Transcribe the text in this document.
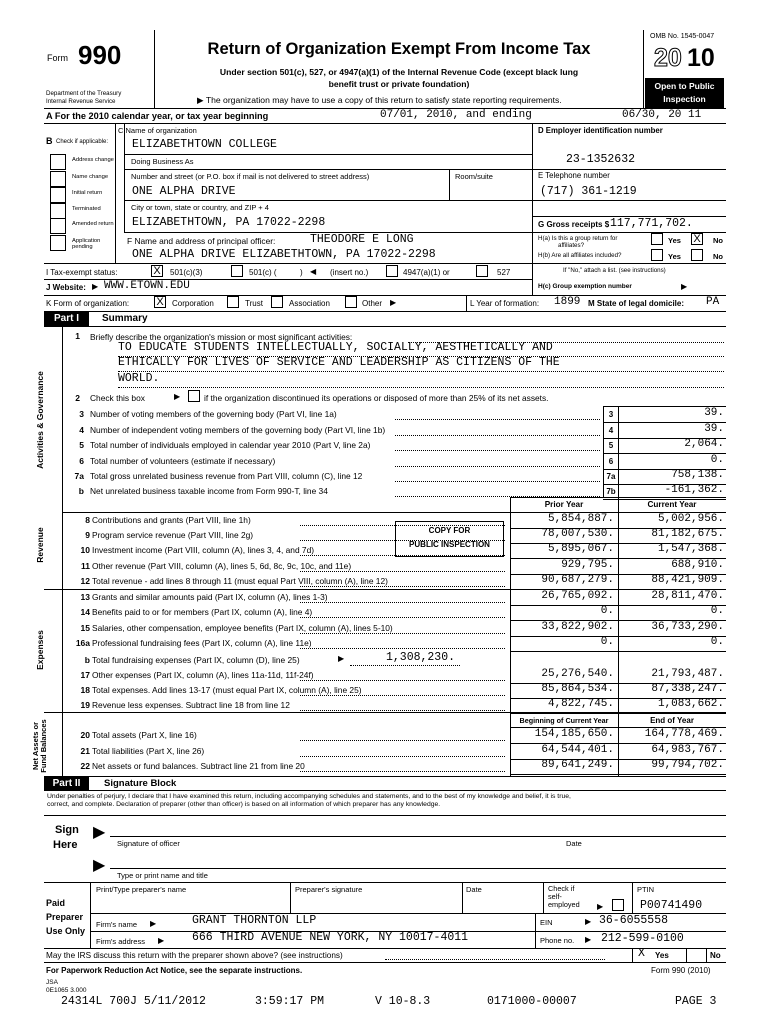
OMB No. 1545-0047
Form 990
Department of the Treasury
Internal Revenue Service
Return of Organization Exempt From Income Tax
Under section 501(c), 527, or 4947(a)(1) of the Internal Revenue Code (except black lung
benefit trust or private foundation)
▶ The organization may have to use a copy of this return to satisfy state reporting requirements.
20 10
Open to Public
Inspection
A For the 2010 calendar year, or tax year beginning	07/01, 2010, and ending	06/30, 20 11
B Check if applicable:
Address change
Name change
Initial return
Terminated
Amended return
Application pending
C Name of organization
ELIZABETHTOWN COLLEGE
Doing Business As
Number and street (or P.O. box if mail is not delivered to street address)	Room/suite
ONE ALPHA DRIVE
City or town, state or country, and ZIP + 4
ELIZABETHTOWN, PA 17022-2298
F Name and address of principal officer:	THEODORE E LONG
ONE ALPHA DRIVE ELIZABETHTOWN, PA 17022-2298
D Employer identification number
23-1352632
E Telephone number
(717) 361-1219
G Gross receipts $ 117,771,702.
H(a) Is this a group return for
affiliates?
Yes X	No
H(b) Are all affiliates included?	Yes	No
If "No," attach a list. (see instructions)
H(c) Group exemption number	▶
I Tax-exempt status:	X 501(c)(3)	501(c) (	) ◀ (insert no.)	4947(a)(1) or	527
J Website: ▶ WWW.ETOWN.EDU
K Form of organization: X Corporation	Trust	Association	Other ▶	L Year of formation: 1899 M State of legal domicile: PA
Part I	Summary
Activities & Governance
Revenue
Expenses
Net Assets or Fund Balances
1 Briefly describe the organization's mission or most significant activities:
TO EDUCATE STUDENTS INTELLECTUALLY, SOCIALLY, AESTHETICALLY AND
ETHICALLY FOR LIVES OF SERVICE AND LEADERSHIP AS CITIZENS OF THE
WORLD.
2 Check this box	▶	if the organization discontinued its operations or disposed of more than 25% of its net assets.
3 Number of voting members of the governing body (Part VI, line 1a)	3	39.
4 Number of independent voting members of the governing body (Part VI, line 1b)	4	39.
5 Total number of individuals employed in calendar year 2010 (Part V, line 2a)	5	2,064.
6 Total number of volunteers (estimate if necessary)	6	0.
7a Total gross unrelated business revenue from Part VIII, column (C), line 12	7a	758,138.
b Net unrelated business taxable income from Form 990-T, line 34	7b	-161,362.
Prior Year	Current Year
COPY FOR
PUBLIC INSPECTION
8 Contributions and grants (Part VIII, line 1h)	5,854,887.	5,002,956.
9 Program service revenue (Part VIII, line 2g)	78,007,530.	81,182,675.
10 Investment income (Part VIII, column (A), lines 3, 4, and 7d)	5,895,067.	1,547,368.
11 Other revenue (Part VIII, column (A), lines 5, 6d, 8c, 9c, 10c, and 11e)	929,795.	688,910.
12 Total revenue - add lines 8 through 11 (must equal Part VIII, column (A), line 12)	90,687,279.	88,421,909.
13 Grants and similar amounts paid (Part IX, column (A), lines 1-3)	26,765,092.	28,811,470.
14 Benefits paid to or for members (Part IX, column (A), line 4)	0.	0.
15 Salaries, other compensation, employee benefits (Part IX, column (A), lines 5-10)	33,822,902.	36,733,290.
16a Professional fundraising fees (Part IX, column (A), line 11e)	0.	0.
b Total fundraising expenses (Part IX, column (D), line 25)	▶	1,308,230.
17 Other expenses (Part IX, column (A), lines 11a-11d, 11f-24f)	25,276,540.	21,793,487.
18 Total expenses. Add lines 13-17 (must equal Part IX, column (A), line 25)	85,864,534.	87,338,247.
19 Revenue less expenses. Subtract line 18 from line 12	4,822,745.	1,083,662.
Beginning of Current Year	End of Year
20 Total assets (Part X, line 16)	154,185,650.	164,778,469.
21 Total liabilities (Part X, line 26)	64,544,401.	64,983,767.
22 Net assets or fund balances. Subtract line 21 from line 20	89,641,249.	99,794,702.
Part II	Signature Block
Under penalties of perjury, I declare that I have examined this return, including accompanying schedules and statements, and to the best of my knowledge and belief, it is true,
correct, and complete. Declaration of preparer (other than officer) is based on all information of which preparer has any knowledge.
Sign
Here
▶
Signature of officer	Date
▶
Type or print name and title
Paid
Preparer
Use Only
Print/Type preparer's name	Preparer's signature	Date	Check if
self-
employed	▶
PTIN
P00741490
Firm's name ▶	GRANT THORNTON LLP	EIN	▶ 36-6055558
Firm's address ▶ 666 THIRD AVENUE NEW YORK, NY 10017-4011	Phone no. ▶ 212-599-0100
May the IRS discuss this return with the preparer shown above? (see instructions)	X Yes	No
For Paperwork Reduction Act Notice, see the separate instructions.	Form 990 (2010)
JSA
0E1065 3.000
24314L 700J 5/11/2012	3:59:17 PM	V 10-8.3	0171000-00007	PAGE 3
